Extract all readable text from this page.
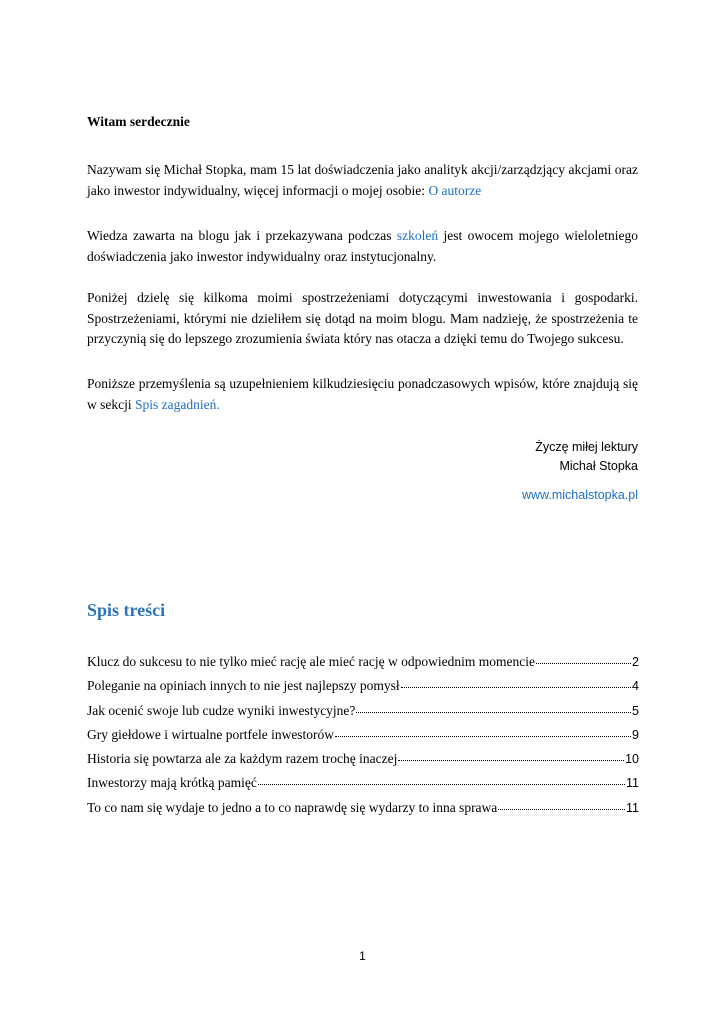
Witam serdecznie

Nazywam się Michał Stopka, mam 15 lat doświadczenia jako analityk akcji/zarządzjący akcjami oraz jako inwestor indywidualny, więcej informacji o mojej osobie: O autorze

Wiedza zawarta na blogu jak i przekazywana podczas szkoleń jest owocem mojego wieloletniego doświadczenia jako inwestor indywidualny oraz instytucjonalny.

Poniżej dzielę się kilkoma moimi spostrzeżeniami dotyczącymi inwestowania i gospodarki. Spostrzeżeniami, którymi nie dzieliłem się dotąd na moim blogu. Mam nadzieję, że spostrzeżenia te przyczynią się do lepszego zrozumienia świata który nas otacza a dzięki temu do Twojego sukcesu.

Poniższe przemyślenia są uzupełnieniem kilkudziesięciu ponadczasowych wpisów, które znajdują się w sekcji Spis zagadnień.

Życzę miłej lektury
Michał Stopka
www.michalstopka.pl
Spis treści
Klucz do sukcesu to nie tylko mieć rację ale mieć rację w odpowiednim momencie	2
Poleganie na opiniach innych to nie jest najlepszy pomysł	4
Jak ocenić swoje lub cudze wyniki inwestycyjne?	5
Gry giełdowe i wirtualne portfele inwestorów	9
Historia się powtarza ale za każdym razem trochę inaczej	10
Inwestorzy mają krótką pamięć	11
To co nam się wydaje to jedno a to co naprawdę się wydarzy to inna sprawa	11
1
